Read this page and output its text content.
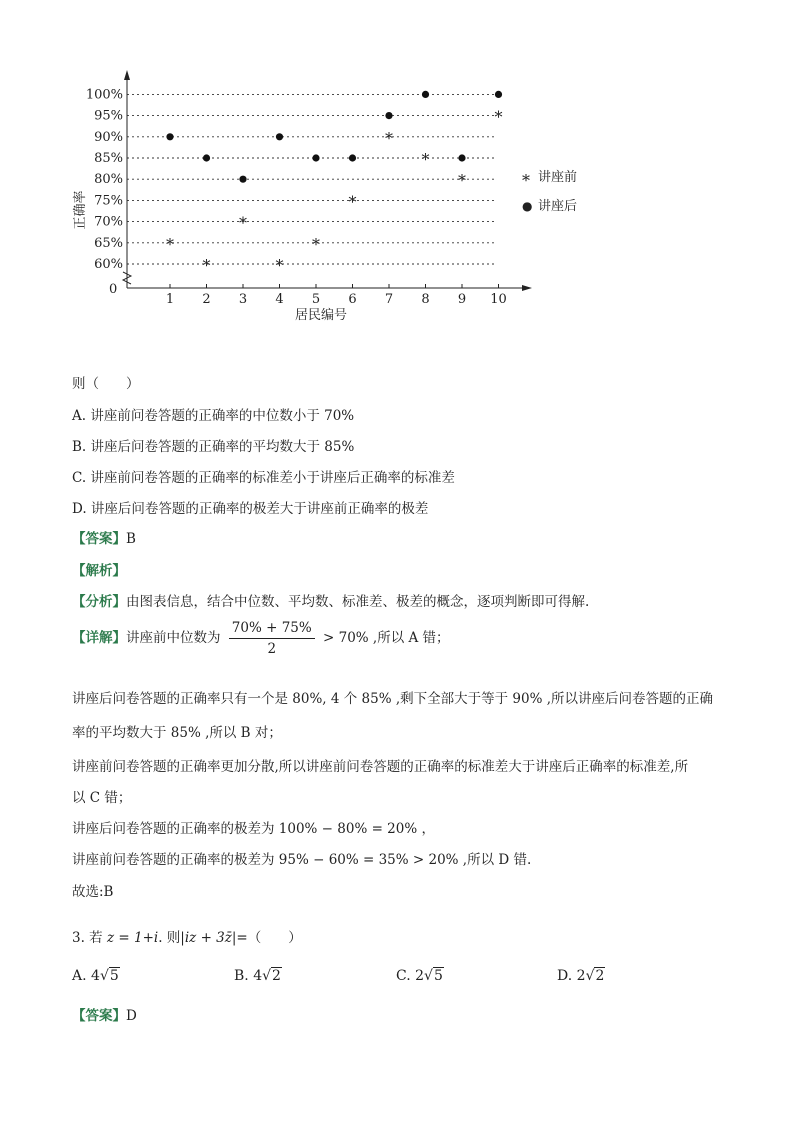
0
100%
95%
90%
85%
80%
75%
70%
65%
60%
1 2 3 4 5 6 7 8 9 10
*
*
*
*
*
*
*
*
*
*
正确率
居民编号
* 讲座前
● 讲座后
则（　　）
A. 讲座前问卷答题的正确率的中位数小于 70%
B. 讲座后问卷答题的正确率的平均数大于 85%
C. 讲座前问卷答题的正确率的标准差小于讲座后正确率的标准差
D. 讲座后问卷答题的正确率的极差大于讲座前正确率的极差
【答案】B
【解析】
【分析】由图表信息，结合中位数、平均数、标准差、极差的概念，逐项判断即可得解.
【详解】讲座前中位数为 $\frac{70\% + 75\%}{2} > 70\%$ ,所以 A 错；
讲座后问卷答题的正确率只有一个是 80%, 4 个 85% ,剩下全部大于等于 90% ,所以讲座后问卷答题的正确
率的平均数大于 85% ,所以 B 对；
讲座前问卷答题的正确率更加分散,所以讲座前问卷答题的正确率的标准差大于讲座后正确率的标准差,所
以 C 错；
讲座后问卷答题的正确率的极差为 100% − 80% = 20% ，
讲座前问卷答题的正确率的极差为 95% − 60% = 35% > 20% ,所以 D 错.
故选:B
3. 若 z = 1+i. 则|iz + 3z̄|=（　　）
A. 4√5	B. 4√2	C. 2√5	D. 2√2
【答案】D
